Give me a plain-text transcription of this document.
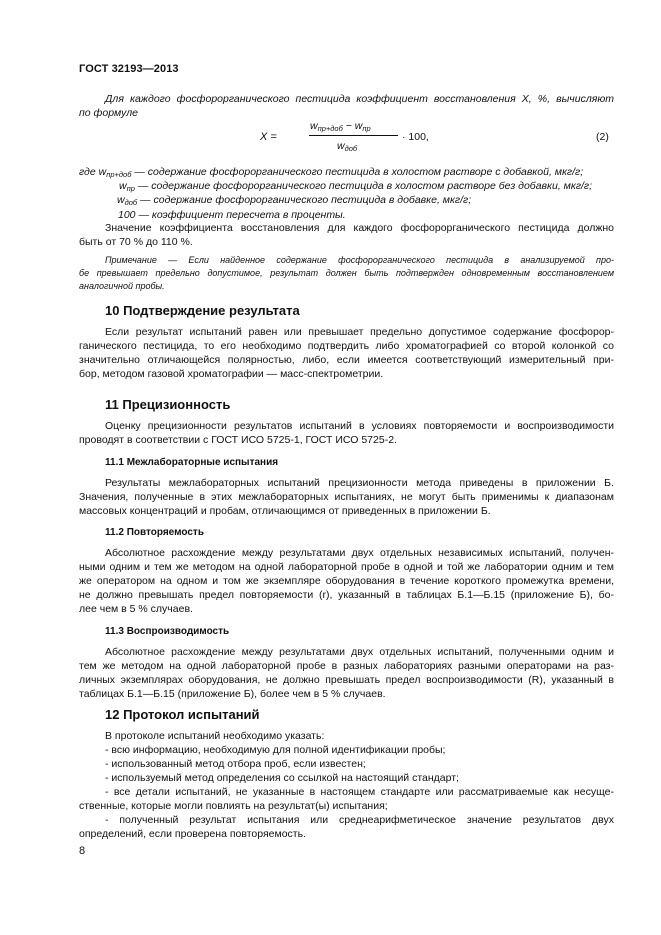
ГОСТ 32193—2013
Для каждого фосфорорганического пестицида коэффициент восстановления X, %, вычисляют
по формуле
X =
$w_{пр+доб} - w_{пр}$
$w_{доб}$
· 100,	(2)
где $w_{пр+доб}$ — содержание фосфорорганического пестицида в холостом растворе с добавкой, мкг/г;
$w_{пр}$ — содержание фосфорорганического пестицида в холостом растворе без добавки, мкг/г;
$w_{доб}$ — содержание фосфорорганического пестицида в добавке, мкг/г;
100 — коэффициент пересчета в проценты.
Значение коэффициента восстановления для каждого фосфорорганического пестицида должно
быть от 70 % до 110 %.
Примечание — Если найденное содержание фосфорорганического пестицида в анализируемой про-
бе превышает предельно допустимое, результат должен быть подтвержден одновременным восстановлением
аналогичной пробы.
10 Подтверждение результата
Если результат испытаний равен или превышает предельно допустимое содержание фосфорор-
ганического пестицида, то его необходимо подтвердить либо хроматографией со второй колонкой со
значительно отличающейся полярностью, либо, если имеется соответствующий измерительный при-
бор, методом газовой хроматографии — масс-спектрометрии.
11 Прецизионность
Оценку прецизионности результатов испытаний в условиях повторяемости и воспроизводимости
проводят в соответствии с ГОСТ ИСО 5725-1, ГОСТ ИСО 5725-2.
11.1 Межлабораторные испытания
Результаты межлабораторных испытаний прецизионности метода приведены в приложении Б.
Значения, полученные в этих межлабораторных испытаниях, не могут быть применимы к диапазонам
массовых концентраций и пробам, отличающимся от приведенных в приложении Б.
11.2 Повторяемость
Абсолютное расхождение между результатами двух отдельных независимых испытаний, получен-
ными одним и тем же методом на одной лабораторной пробе в одной и той же лаборатории одним и тем
же оператором на одном и том же экземпляре оборудования в течение короткого промежутка времени,
не должно превышать предел повторяемости (r), указанный в таблицах Б.1—Б.15 (приложение Б), бо-
лее чем в 5 % случаев.
11.3 Воспроизводимость
Абсолютное расхождение между результатами двух отдельных испытаний, полученными одним и
тем же методом на одной лабораторной пробе в разных лабораториях разными операторами на раз-
личных экземплярах оборудования, не должно превышать предел воспроизводимости (R), указанный в
таблицах Б.1—Б.15 (приложение Б), более чем в 5 % случаев.
12 Протокол испытаний
В протоколе испытаний необходимо указать:
- всю информацию, необходимую для полной идентификации пробы;
- использованный метод отбора проб, если известен;
- используемый метод определения со ссылкой на настоящий стандарт;
- все детали испытаний, не указанные в настоящем стандарте или рассматриваемые как несуще-
ственные, которые могли повлиять на результат(ы) испытания;
- полученный результат испытания или среднеарифметическое значение результатов двух
определений, если проверена повторяемость.
8
